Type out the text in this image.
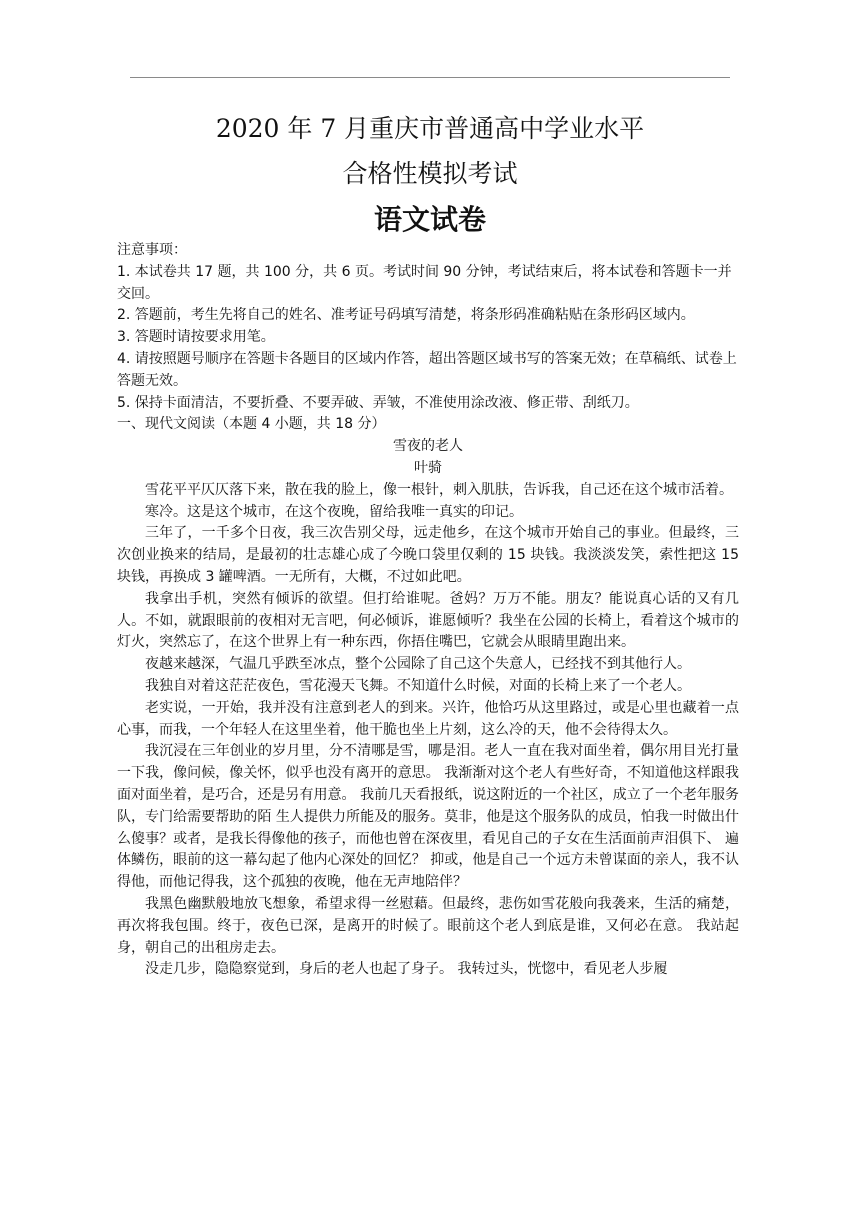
2020 年 7 月重庆市普通高中学业水平
合格性模拟考试
语文试卷

注意事项：

1. 本试卷共 17 题，共 100 分，共 6 页。考试时间 90 分钟，考试结束后，将本试卷和答题卡一并交回。

2. 答题前，考生先将自己的姓名、准考证号码填写清楚，将条形码准确粘贴在条形码区域内。

3. 答题时请按要求用笔。

4. 请按照题号顺序在答题卡各题目的区域内作答，超出答题区域书写的答案无效；在草稿纸、试卷上答题无效。

5. 保持卡面清洁，不要折叠、不要弄破、弄皱，不准使用涂改液、修正带、刮纸刀。

一、现代文阅读（本题 4 小题，共 18 分）

雪夜的老人

叶骑

雪花平平仄仄落下来，散在我的脸上，像一根针，刺入肌肤，告诉我，自己还在这个城市活着。

寒冷。这是这个城市，在这个夜晚，留给我唯一真实的印记。

三年了，一千多个日夜，我三次告别父母，远走他乡，在这个城市开始自己的事业。但最终，三次创业换来的结局，是最初的壮志雄心成了今晚口袋里仅剩的 15 块钱。我淡淡发笑，索性把这 15 块钱，再换成 3 罐啤酒。一无所有，大概，不过如此吧。

我拿出手机，突然有倾诉的欲望。但打给谁呢。爸妈？万万不能。朋友？能说真心话的又有几人。不如，就跟眼前的夜相对无言吧，何必倾诉，谁愿倾听？我坐在公园的长椅上，看着这个城市的灯火，突然忘了，在这个世界上有一种东西，你捂住嘴巴，它就会从眼睛里跑出来。

夜越来越深，气温几乎跌至冰点，整个公园除了自己这个失意人，已经找不到其他行人。

我独自对着这茫茫夜色，雪花漫天飞舞。不知道什么时候，对面的长椅上来了一个老人。

老实说，一开始，我并没有注意到老人的到来。兴许，他恰巧从这里路过，或是心里也藏着一点心事，而我，一个年轻人在这里坐着，他干脆也坐上片刻，这么冷的天，他不会待得太久。

我沉浸在三年创业的岁月里，分不清哪是雪，哪是泪。老人一直在我对面坐着，偶尔用目光打量一下我，像问候，像关怀，似乎也没有离开的意思。 我渐渐对这个老人有些好奇，不知道他这样跟我面对面坐着，是巧合，还是另有用意。 我前几天看报纸，说这附近的一个社区，成立了一个老年服务队，专门给需要帮助的陌 生人提供力所能及的服务。莫非，他是这个服务队的成员，怕我一时做出什么傻事？或者，是我长得像他的孩子，而他也曾在深夜里，看见自己的子女在生活面前声泪俱下、 遍体鳞伤，眼前的这一幕勾起了他内心深处的回忆？ 抑或，他是自己一个远方未曾谋面的亲人，我不认得他，而他记得我，这个孤独的夜晚，他在无声地陪伴？

我黑色幽默般地放飞想象，希望求得一丝慰藉。但最终，悲伤如雪花般向我袭来，生活的痛楚，再次将我包围。终于，夜色已深，是离开的时候了。眼前这个老人到底是谁，又何必在意。 我站起身，朝自己的出租房走去。

没走几步，隐隐察觉到，身后的老人也起了身子。 我转过头，恍惚中，看见老人步履
